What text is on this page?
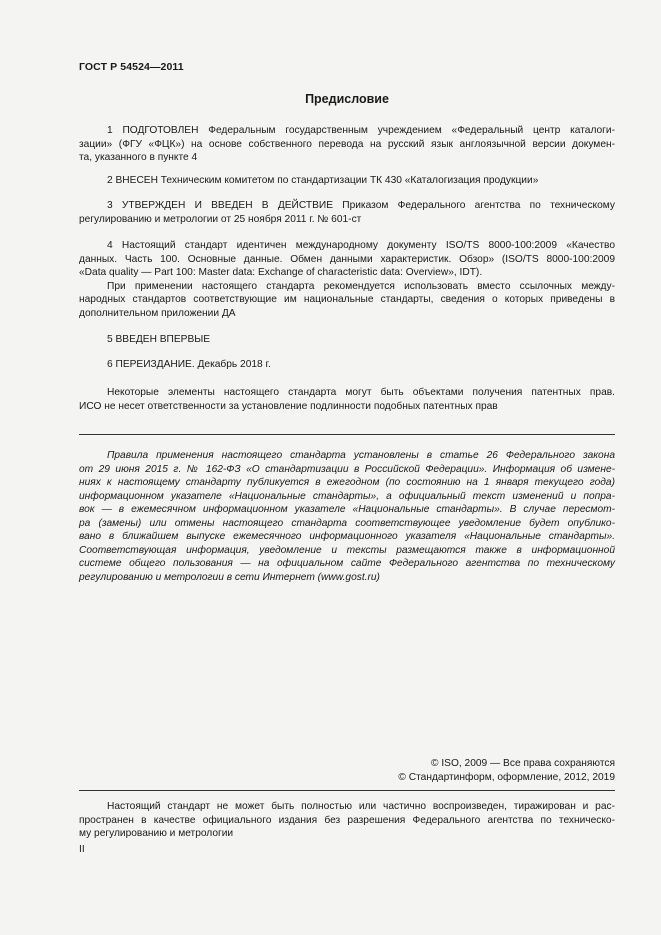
ГОСТ Р 54524—2011
Предисловие
1 ПОДГОТОВЛЕН Федеральным государственным учреждением «Федеральный центр каталоги-
зации» (ФГУ «ФЦК») на основе собственного перевода на русский язык англоязычной версии докумен-
та, указанного в пункте 4
2 ВНЕСЕН Техническим комитетом по стандартизации ТК 430 «Каталогизация продукции»
3 УТВЕРЖДЕН И ВВЕДЕН В ДЕЙСТВИЕ Приказом Федерального агентства по техническому
регулированию и метрологии от 25 ноября 2011 г. № 601-ст
4 Настоящий стандарт идентичен международному документу ISO/TS 8000-100:2009 «Качество
данных. Часть 100. Основные данные. Обмен данными характеристик. Обзор» (ISO/TS 8000-100:2009
«Data quality — Part 100: Master data: Exchange of characteristic data: Overview», IDT).
При применении настоящего стандарта рекомендуется использовать вместо ссылочных между-
народных стандартов соответствующие им национальные стандарты, сведения о которых приведены в
дополнительном приложении ДА
5 ВВЕДЕН ВПЕРВЫЕ
6 ПЕРЕИЗДАНИЕ. Декабрь 2018 г.
Некоторые элементы настоящего стандарта могут быть объектами получения патентных прав.
ИСО не несет ответственности за установление подлинности подобных патентных прав
Правила применения настоящего стандарта установлены в статье 26 Федерального закона
от 29 июня 2015 г. № 162-ФЗ «О стандартизации в Российской Федерации». Информация об измене-
ниях к настоящему стандарту публикуется в ежегодном (по состоянию на 1 января текущего года)
информационном указателе «Национальные стандарты», а официальный текст изменений и попра-
вок — в ежемесячном информационном указателе «Национальные стандарты». В случае пересмот-
ра (замены) или отмены настоящего стандарта соответствующее уведомление будет опублико-
вано в ближайшем выпуске ежемесячного информационного указателя «Национальные стандарты».
Соответствующая информация, уведомление и тексты размещаются также в информационной
системе общего пользования — на официальном сайте Федерального агентства по техническому
регулированию и метрологии в сети Интернет (www.gost.ru)
© ISO, 2009 — Все права сохраняются
© Стандартинформ, оформление, 2012, 2019
Настоящий стандарт не может быть полностью или частично воспроизведен, тиражирован и рас-
пространен в качестве официального издания без разрешения Федерального агентства по техническо-
му регулированию и метрологии
II
